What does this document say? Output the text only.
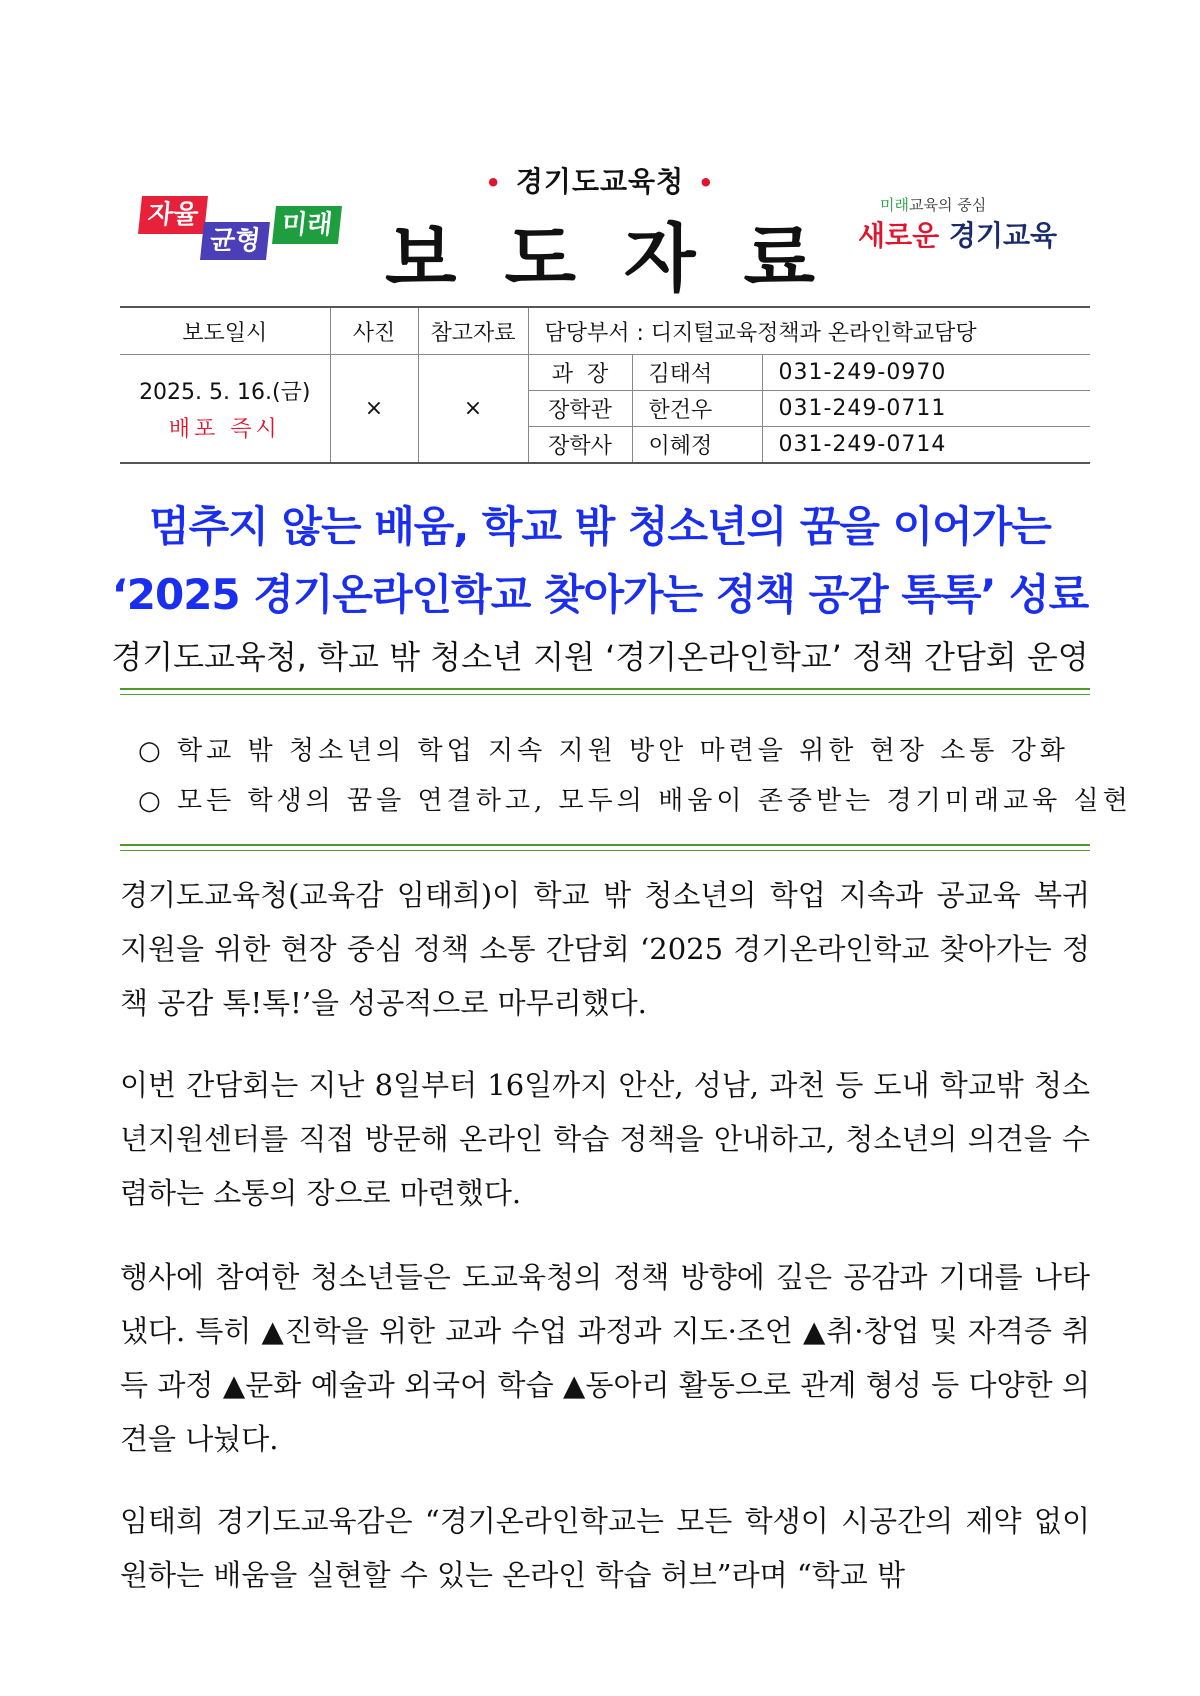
자율
균형
미래
• 경기도교육청 •
보 도 자 료
미래교육의 중심
새로운 경기교육
보도일시	사진	참고자료	담당부서 : 디지털교육정책과 온라인학교담당		

2025. 5. 16.(금)
배포 즉시	×	×	과  장	김태석	031-249-0970
			장학관	한건우	031-249-0711
			장학사	이혜정	031-249-0714
멈추지 않는 배움, 학교 밖 청소년의 꿈을 이어가는
‘2025 경기온라인학교 찾아가는 정책 공감 톡톡’ 성료
경기도교육청, 학교 밖 청소년 지원 ‘경기온라인학교’ 정책 간담회 운영
○ 학교 밖 청소년의 학업 지속 지원 방안 마련을 위한 현장 소통 강화
○ 모든 학생의 꿈을 연결하고, 모두의 배움이 존중받는 경기미래교육 실현
경기도교육청(교육감 임태희)이 학교 밖 청소년의 학업 지속과 공교육 복귀 지원을 위한 현장 중심 정책 소통 간담회 ‘2025 경기온라인학교 찾아가는 정책 공감 톡!톡!’을 성공적으로 마무리했다.
이번 간담회는 지난 8일부터 16일까지 안산, 성남, 과천 등 도내 학교밖 청소년지원센터를 직접 방문해 온라인 학습 정책을 안내하고, 청소년의 의견을 수렴하는 소통의 장으로 마련했다.
행사에 참여한 청소년들은 도교육청의 정책 방향에 깊은 공감과 기대를 나타냈다. 특히 ▲진학을 위한 교과 수업 과정과 지도·조언 ▲취·창업 및 자격증 취득 과정 ▲문화 예술과 외국어 학습 ▲동아리 활동으로 관계 형성 등 다양한 의견을 나눴다.
임태희 경기도교육감은 “경기온라인학교는 모든 학생이 시공간의 제약 없이 원하는 배움을 실현할 수 있는 온라인 학습 허브”라며 “학교 밖
